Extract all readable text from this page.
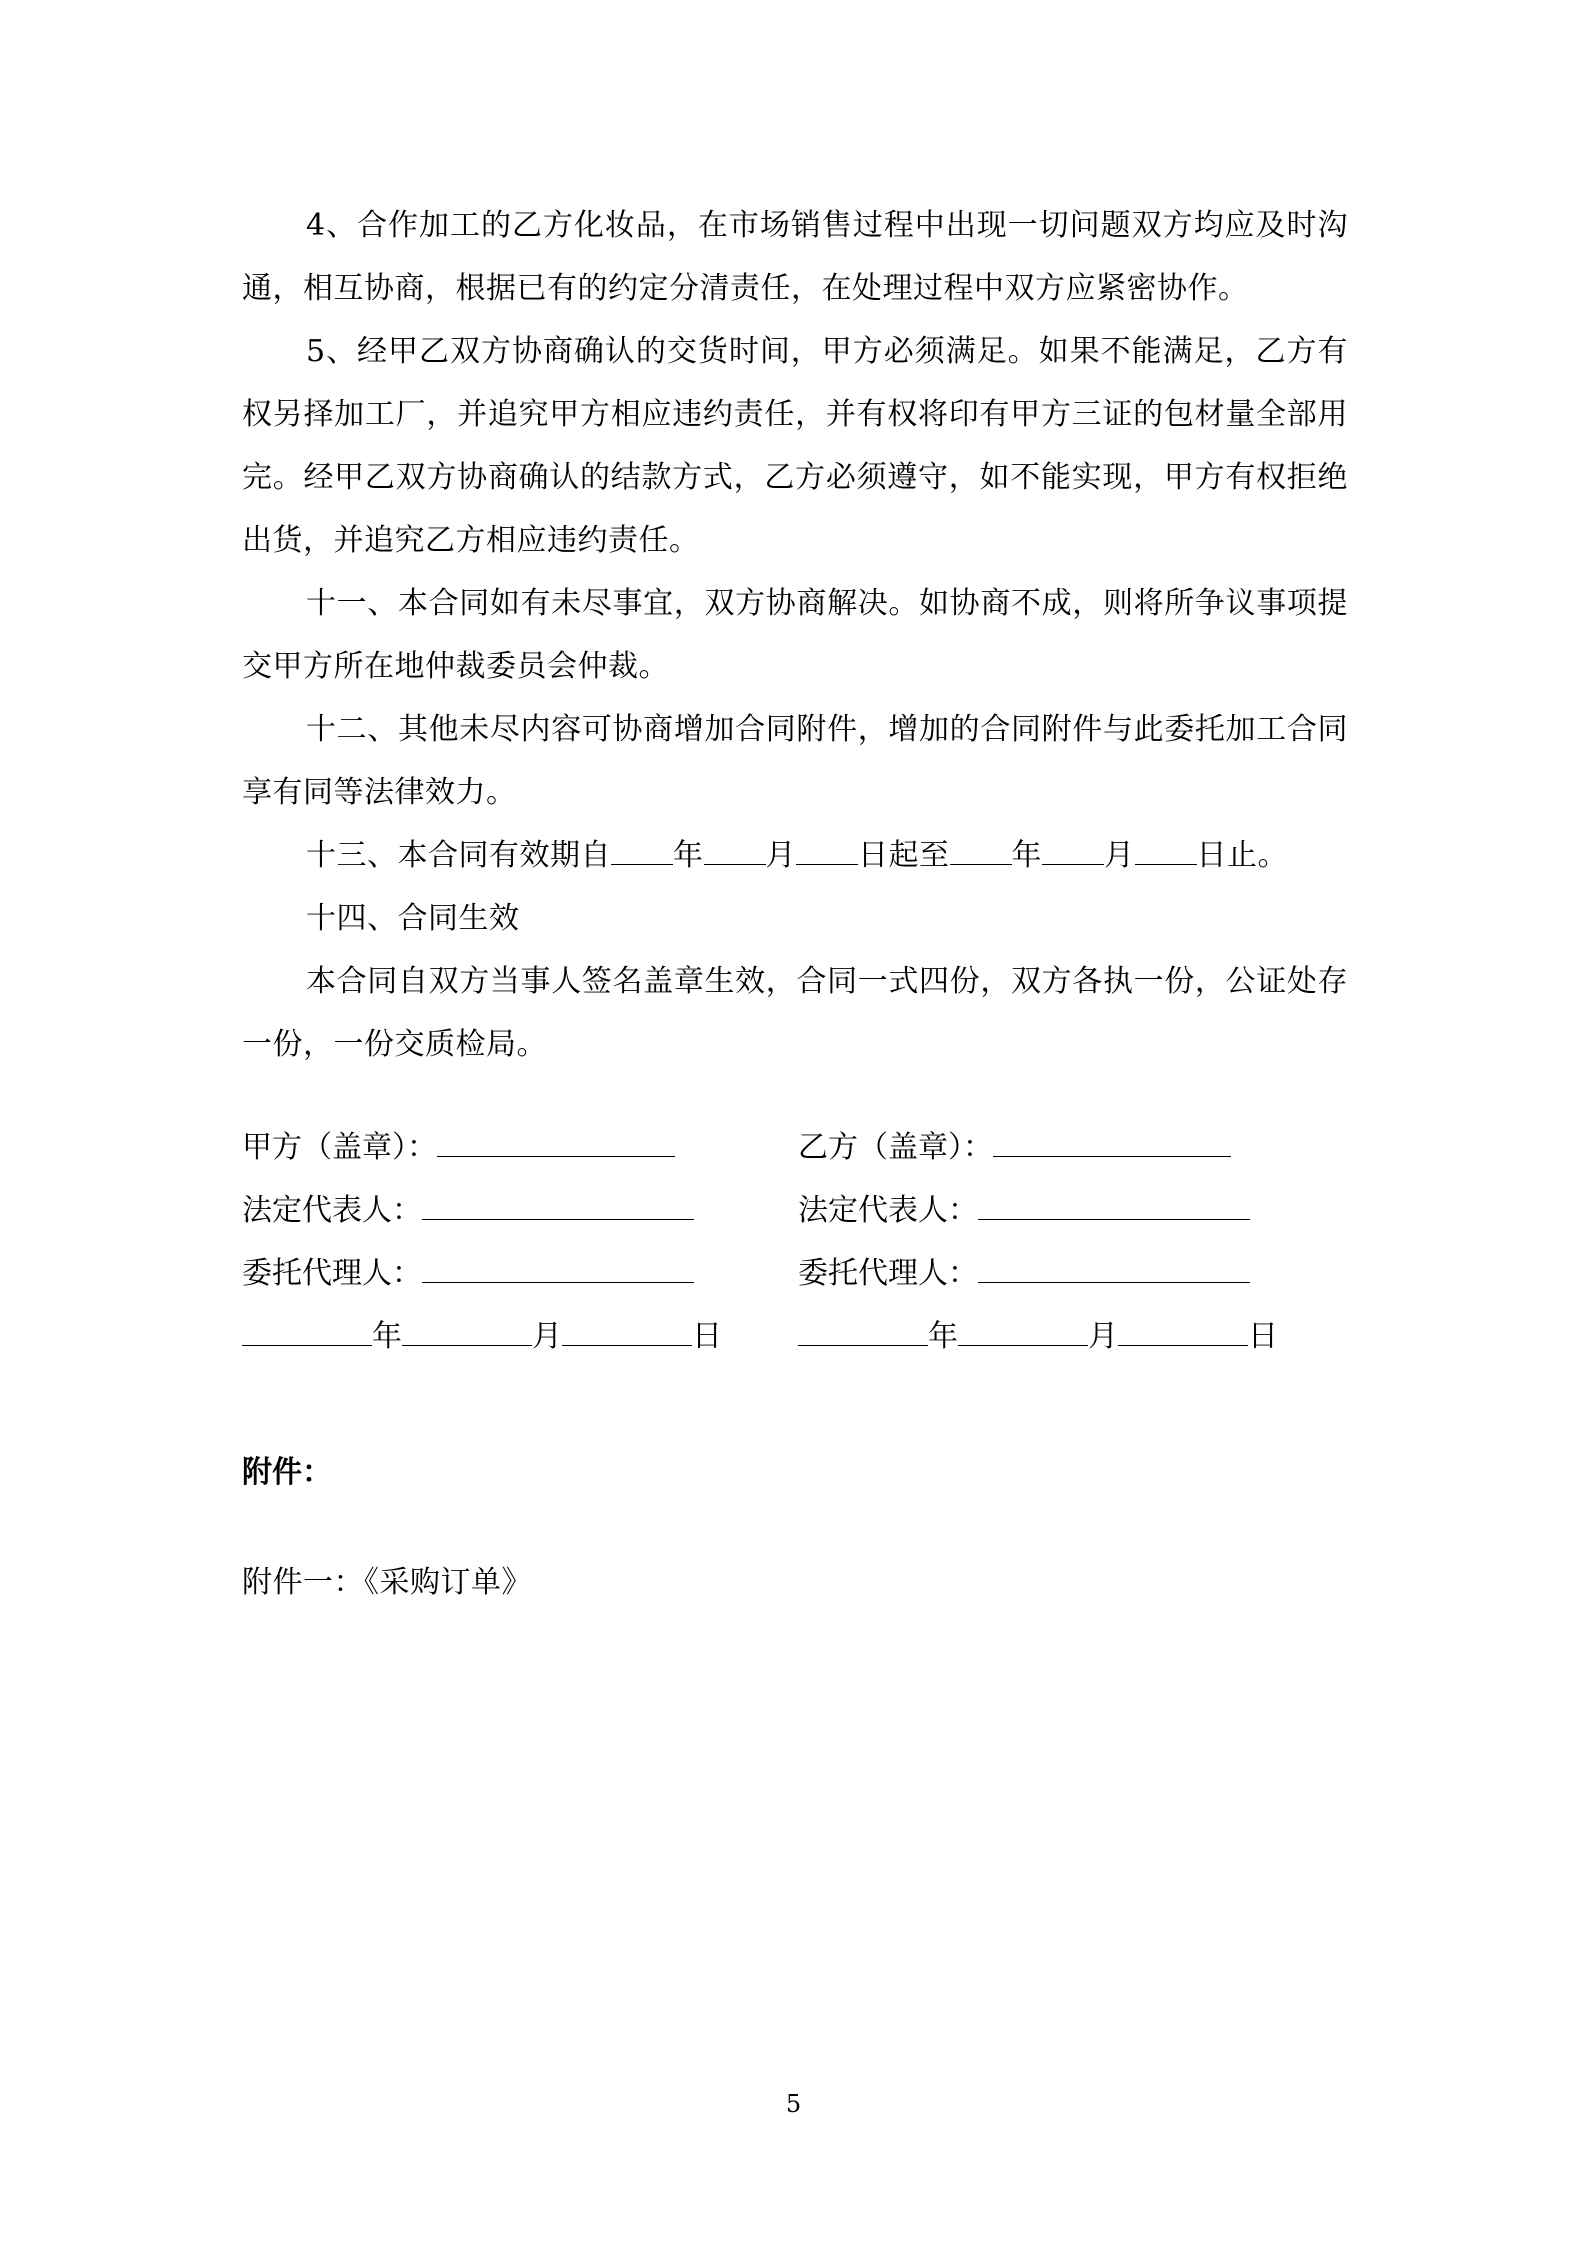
4、合作加工的乙方化妆品，在市场销售过程中出现一切问题双方均应及时沟通，相互协商，根据已有的约定分清责任，在处理过程中双方应紧密协作。

5、经甲乙双方协商确认的交货时间，甲方必须满足。如果不能满足，乙方有权另择加工厂，并追究甲方相应违约责任，并有权将印有甲方三证的包材量全部用完。经甲乙双方协商确认的结款方式，乙方必须遵守，如不能实现，甲方有权拒绝出货，并追究乙方相应违约责任。

十一、本合同如有未尽事宜，双方协商解决。如协商不成，则将所争议事项提交甲方所在地仲裁委员会仲裁。

十二、其他未尽内容可协商增加合同附件，增加的合同附件与此委托加工合同享有同等法律效力。

十三、本合同有效期自 年 月 日起至 年 月 日止。

十四、合同生效

本合同自双方当事人签名盖章生效，合同一式四份，双方各执一份，公证处存一份，一份交质检局。

甲方（盖章）：	乙方（盖章）：
法定代表人：	法定代表人：
委托代理人：	委托代理人：
年	月	日	年	月	日
附件：
附件一：《采购订单》
5
